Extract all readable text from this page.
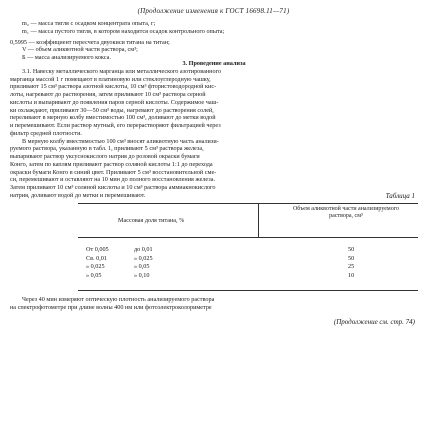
(Продолжение изменения к ГОСТ 16698.11—71)
m₂ — масса тигля с осадком концентрата опыта, г;
m₁ — масса пустого тигля, в котором находится осадок контрольного опыта;
0,5995 — коэффициент пересчета двуокиси титана на титан;
V — объем аликвотной части раствора, см³;
Б — масса анализируемого кокса.
3. Проведение анализа
3.1. Навеску металлического марганца или металлического азотированного
марганца массой 1 г помещают в платиновую или стеклоуглеродную чашку,
приливают 15 см³ раствора азотной кислоты, 10 см³ фтористоводородной кис-
лоты, нагревают до растворения, затем приливают 10 см³ раствора серной
кислоты и выпаривают до появления паров серной кислоты. Содержимое чаш-
ки охлаждают, приливают 30—50 см³ воды, нагревают до растворения солей,
переливают в мерную колбу вместимостью 100 см³, доливают до метки водой
и перемешивают. Если раствор мутный, его перерастворяют фильтрацией через
фильтр средней плотности.
В мерную колбу вместимостью 100 см³ вносят аликвотную часть анализи-
руемого раствора, указанную в табл. 1, приливают 5 см³ раствора железа,
выпаривают раствор уксуснокислого натрия до розовой окраски бумаги
Конго, затем по каплям приливают раствор соляной кислоты 1:1 до перехода
окраски бумаги Конго в синий цвет. Приливают 5 см³ восстановительной сме-
си, перемешивают и оставляют на 10 мин до полного восстановления железа.
Затем приливают 10 см³ соляной кислоты и 10 см³ раствора аммиакнокислого
натрия, доливают водой до метки и перемешивают.	Таблица 1
Массовая доля титана, %
Объем аликвотной части анализируемого раствора, см³
От 0,005	до 0,01	50
Св. 0,01	» 0,025	50
» 0,025	» 0,05	25
» 0,05	» 0,10	10
Через 40 мин измеряют оптическую плотность анализируемого раствора
на спектрофотометре при длине волны 400 нм или фотоэлектроколориметре
(Продолжение см. стр. 74)
